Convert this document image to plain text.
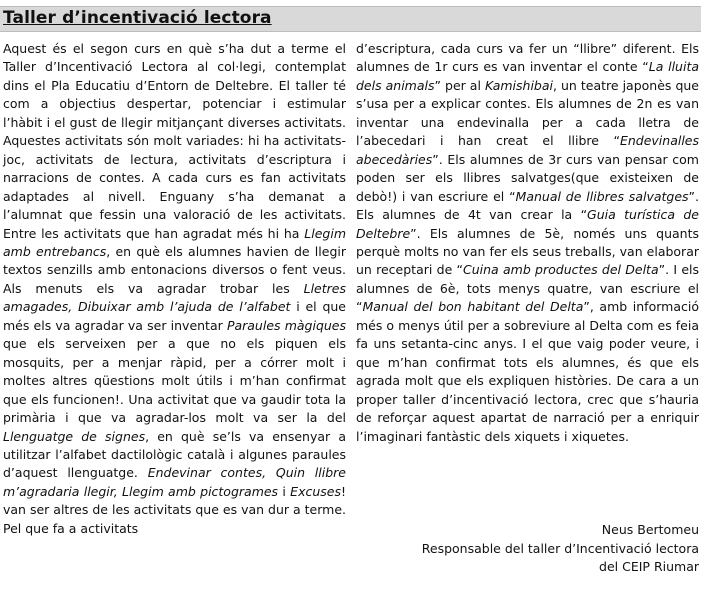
Taller d’incentivació lectora

Aquest és el segon curs en què s’ha dut a terme el Taller d’Incentivació Lectora al col·legi, contemplat dins el Pla Educatiu d’Entorn de Deltebre. El taller té com a objectius despertar, potenciar i estimular l’hàbit i el gust de llegir mitjançant diverses activitats. Aquestes activitats són molt variades: hi ha activitats-joc, activitats de lectura, activitats d’escriptura i narracions de contes. A cada curs es fan activitats adaptades al nivell. Enguany s’ha demanat a l’alumnat que fessin una valoració de les activitats. Entre les activitats que han agradat més hi ha Llegim amb entrebancs, en què els alumnes havien de llegir textos senzills amb entonacions diversos o fent veus. Als menuts els va agradar trobar les Lletres amagades, Dibuixar amb l’ajuda de l’alfabet i el que més els va agradar va ser inventar Paraules màgiques que els serveixen per a que no els piquen els mosquits, per a menjar ràpid, per a córrer molt i moltes altres qüestions molt útils i m’han confirmat que els funcionen!. Una activitat que va gaudir tota la primària i que va agradar-los molt va ser la del Llenguatge de signes, en què se’ls va ensenyar a utilitzar l’alfabet dactilològic català i algunes paraules d’aquest llenguatge. Endevinar contes, Quin llibre m’agradaria llegir, Llegim amb pictogrames i Excuses! van ser altres de les activitats que es van dur a terme. Pel que fa a activitats

d’escriptura, cada curs va fer un “llibre” diferent. Els alumnes de 1r curs es van inventar el conte “La lluita dels animals” per al Kamishibai, un teatre japonès que s’usa per a explicar contes. Els alumnes de 2n es van inventar una endevinalla per a cada lletra de l’abecedari i han creat el llibre “Endevinalles abecedàries”. Els alumnes de 3r curs van pensar com poden ser els llibres salvatges(que existeixen de debò!) i van escriure el “Manual de llibres salvatges”. Els alumnes de 4t van crear la “Guia turística de Deltebre”. Els alumnes de 5è, només uns quants perquè molts no van fer els seus treballs, van elaborar un receptari de “Cuina amb productes del Delta”. I els alumnes de 6è, tots menys quatre, van escriure el “Manual del bon habitant del Delta”, amb informació més o menys útil per a sobreviure al Delta com es feia fa uns setanta-cinc anys. I el que vaig poder veure, i que m’han confirmat tots els alumnes, és que els agrada molt que els expliquen històries. De cara a un proper taller d’incentivació lectora, crec que s’hauria de reforçar aquest apartat de narració per a enriquir l’imaginari fantàstic dels xiquets i xiquetes.

Neus Bertomeu
Responsable del taller d’Incentivació lectora
del CEIP Riumar
